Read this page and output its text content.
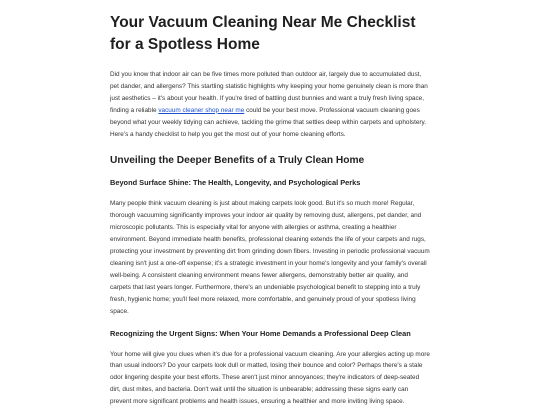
Your Vacuum Cleaning Near Me Checklist for a Spotless Home

Did you know that indoor air can be five times more polluted than outdoor air, largely due to accumulated dust, pet dander, and allergens? This startling statistic highlights why keeping your home genuinely clean is more than just aesthetics – it's about your health. If you're tired of battling dust bunnies and want a truly fresh living space, finding a reliable vacuum cleaner shop near me could be your best move. Professional vacuum cleaning goes beyond what your weekly tidying can achieve, tackling the grime that settles deep within carpets and upholstery. Here's a handy checklist to help you get the most out of your home cleaning efforts.

Unveiling the Deeper Benefits of a Truly Clean Home
Beyond Surface Shine: The Health, Longevity, and Psychological Perks

Many people think vacuum cleaning is just about making carpets look good. But it's so much more! Regular, thorough vacuuming significantly improves your indoor air quality by removing dust, allergens, pet dander, and microscopic pollutants. This is especially vital for anyone with allergies or asthma, creating a healthier environment. Beyond immediate health benefits, professional cleaning extends the life of your carpets and rugs, protecting your investment by preventing dirt from grinding down fibers. Investing in periodic professional vacuum cleaning isn't just a one-off expense; it's a strategic investment in your home's longevity and your family's overall well-being. A consistent cleaning environment means fewer allergens, demonstrably better air quality, and carpets that last years longer. Furthermore, there's an undeniable psychological benefit to stepping into a truly fresh, hygienic home; you'll feel more relaxed, more comfortable, and genuinely proud of your spotless living space.

Recognizing the Urgent Signs: When Your Home Demands a Professional Deep Clean

Your home will give you clues when it's due for a professional vacuum cleaning. Are your allergies acting up more than usual indoors? Do your carpets look dull or matted, losing their bounce and color? Perhaps there's a stale odor lingering despite your best efforts. These aren't just minor annoyances; they're indicators of deep-seated dirt, dust mites, and bacteria. Don't wait until the situation is unbearable; addressing these signs early can prevent more significant problems and health issues, ensuring a healthier and more inviting living space.
